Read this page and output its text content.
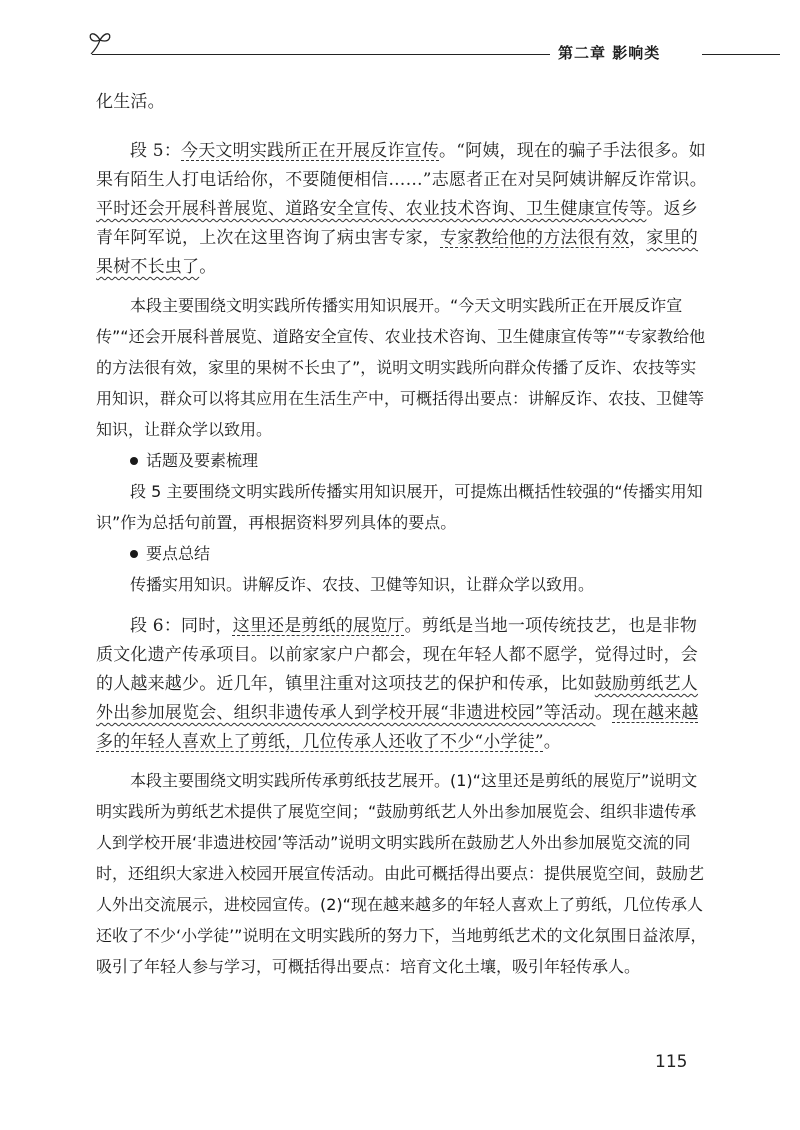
第二章 影响类

化生活。

段 5：今天文明实践所正在开展反诈宣传。“阿姨，现在的骗子手法很多。如果有陌生人打电话给你，不要随便相信……”志愿者正在对吴阿姨讲解反诈常识。平时还会开展科普展览、道路安全宣传、农业技术咨询、卫生健康宣传等。返乡青年阿军说，上次在这里咨询了病虫害专家，专家教给他的方法很有效，家里的果树不长虫了。

本段主要围绕文明实践所传播实用知识展开。“今天文明实践所正在开展反诈宣传”“还会开展科普展览、道路安全宣传、农业技术咨询、卫生健康宣传等”“专家教给他的方法很有效，家里的果树不长虫了”，说明文明实践所向群众传播了反诈、农技等实用知识，群众可以将其应用在生活生产中，可概括得出要点：讲解反诈、农技、卫健等知识，让群众学以致用。

话题及要素梳理

段 5 主要围绕文明实践所传播实用知识展开，可提炼出概括性较强的“传播实用知识”作为总括句前置，再根据资料罗列具体的要点。

要点总结

传播实用知识。讲解反诈、农技、卫健等知识，让群众学以致用。

段 6：同时，这里还是剪纸的展览厅。剪纸是当地一项传统技艺，也是非物质文化遗产传承项目。以前家家户户都会，现在年轻人都不愿学，觉得过时，会的人越来越少。近几年，镇里注重对这项技艺的保护和传承，比如鼓励剪纸艺人外出参加展览会、组织非遗传承人到学校开展“非遗进校园”等活动。现在越来越多的年轻人喜欢上了剪纸，几位传承人还收了不少“小学徒”。

本段主要围绕文明实践所传承剪纸技艺展开。(1)“这里还是剪纸的展览厅”说明文明实践所为剪纸艺术提供了展览空间；“鼓励剪纸艺人外出参加展览会、组织非遗传承人到学校开展‘非遗进校园’等活动”说明文明实践所在鼓励艺人外出参加展览交流的同时，还组织大家进入校园开展宣传活动。由此可概括得出要点：提供展览空间，鼓励艺人外出交流展示，进校园宣传。(2)“现在越来越多的年轻人喜欢上了剪纸，几位传承人还收了不少‘小学徒’”说明在文明实践所的努力下，当地剪纸艺术的文化氛围日益浓厚，吸引了年轻人参与学习，可概括得出要点：培育文化土壤，吸引年轻传承人。

115
